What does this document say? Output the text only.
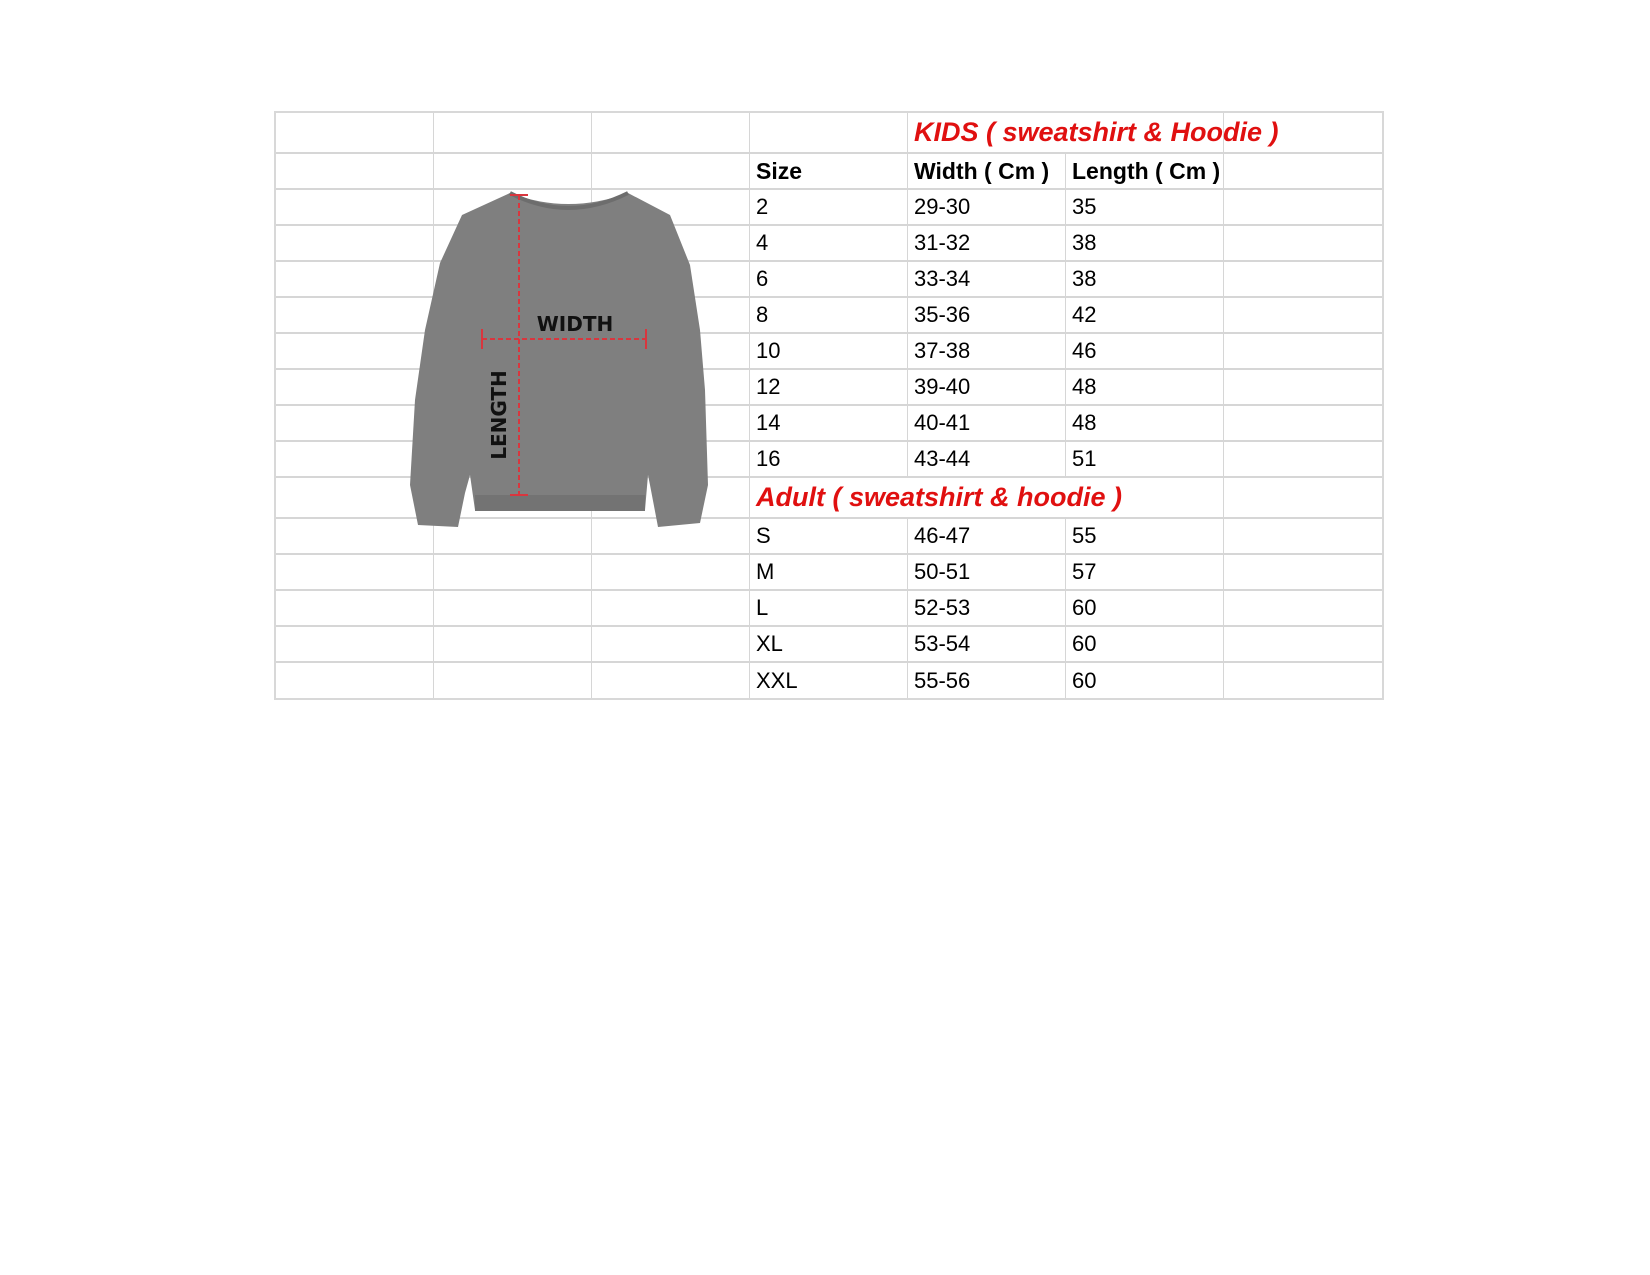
KIDS ( sweatshirt & Hoodie )
Size	Width ( Cm ) Length ( Cm )
2	29-30	35
4	31-32	38
6	33-34	38
8	35-36	42
10	37-38	46
12	39-40	48
14	40-41	48
16	43-44	51
Adult ( sweatshirt & hoodie )
S	46-47	55
M	50-51	57
L	52-53	60
XL	53-54	60
XXL	55-56	60
WIDTH
LENGTH
